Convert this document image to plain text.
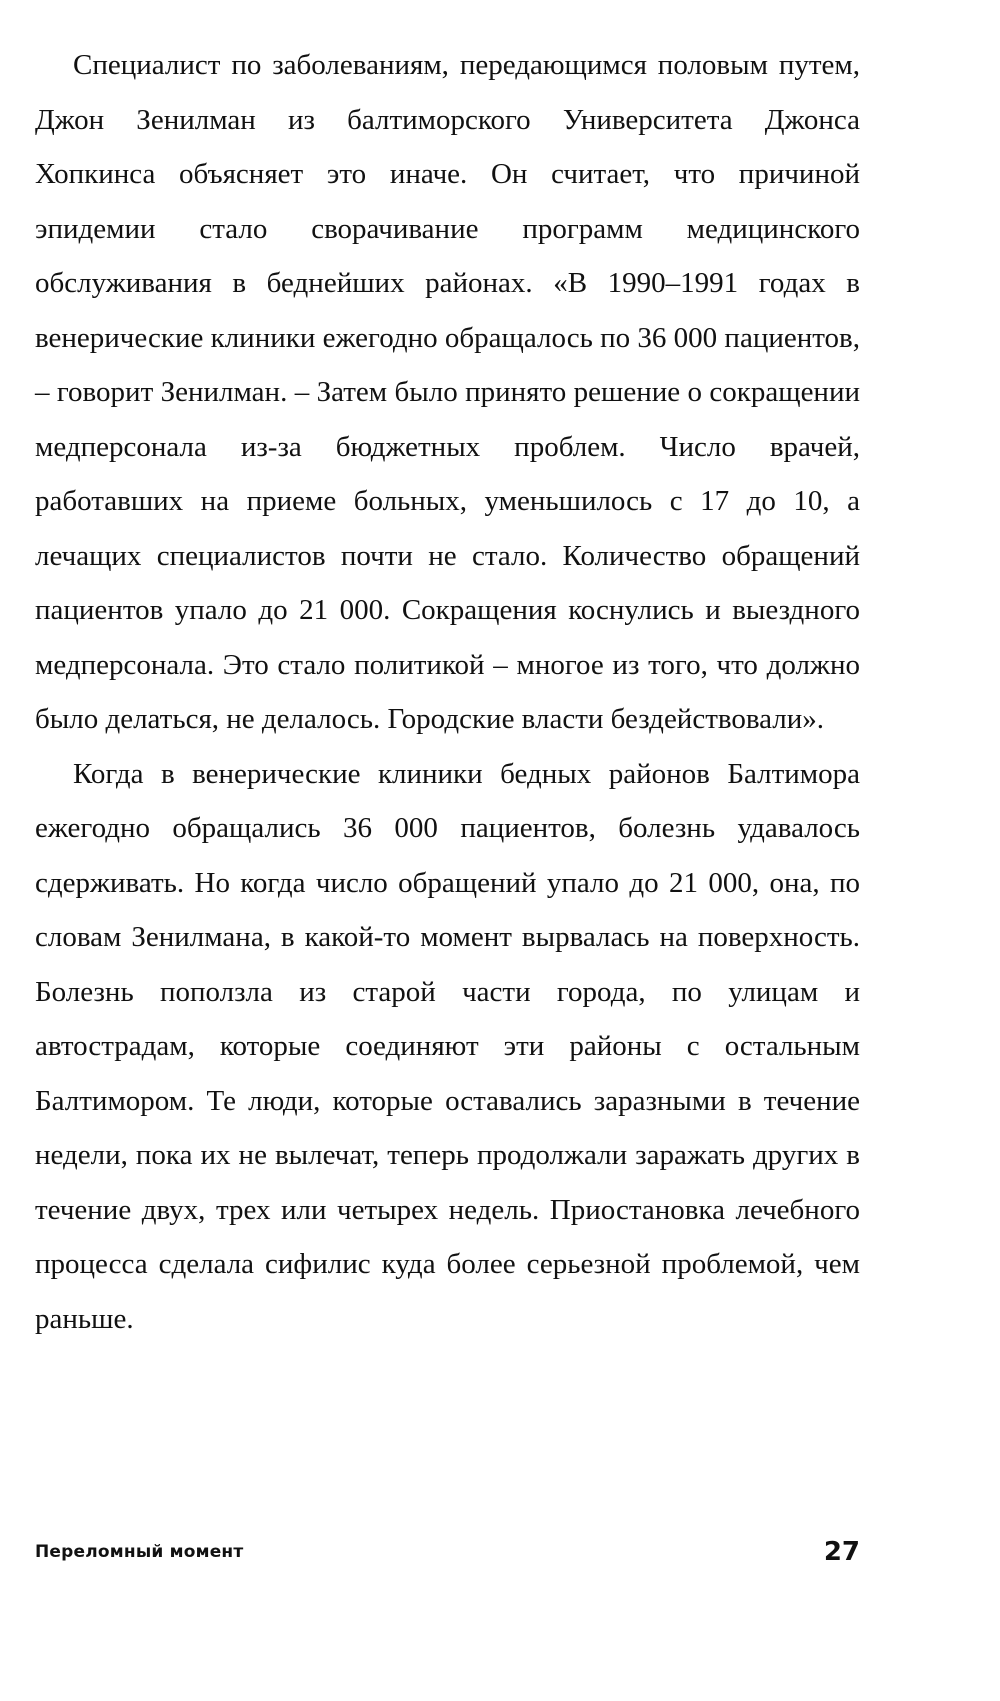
Специалист по заболеваниям, передающимся половым путем, Джон Зенилман из балтиморского Университета Джонса Хопкинса объясняет это иначе. Он считает, что причиной эпидемии стало сворачивание программ медицинского обслуживания в беднейших районах. «В 1990–1991 годах в венерические клиники ежегодно обращалось по 36 000 пациентов, – говорит Зенилман. – Затем было принято решение о сокращении медперсонала из-за бюджетных проблем. Число врачей, работавших на приеме больных, уменьшилось с 17 до 10, а лечащих специалистов почти не стало. Количество обращений пациентов упало до 21 000. Сокращения коснулись и выездного медперсонала. Это стало политикой – многое из того, что должно было делаться, не делалось. Городские власти бездействовали».

Когда в венерические клиники бедных районов Балтимора ежегодно обращались 36 000 пациентов, болезнь удавалось сдерживать. Но когда число обращений упало до 21 000, она, по словам Зенилмана, в какой-то момент вырвалась на поверхность. Болезнь поползла из старой части города, по улицам и автострадам, которые соединяют эти районы с остальным Балтимором. Те люди, которые оставались заразными в течение недели, пока их не вылечат, теперь продолжали заражать других в течение двух, трех или четырех недель. Приостановка лечебного процесса сделала сифилис куда более серьезной проблемой, чем раньше.

Переломный момент	27
